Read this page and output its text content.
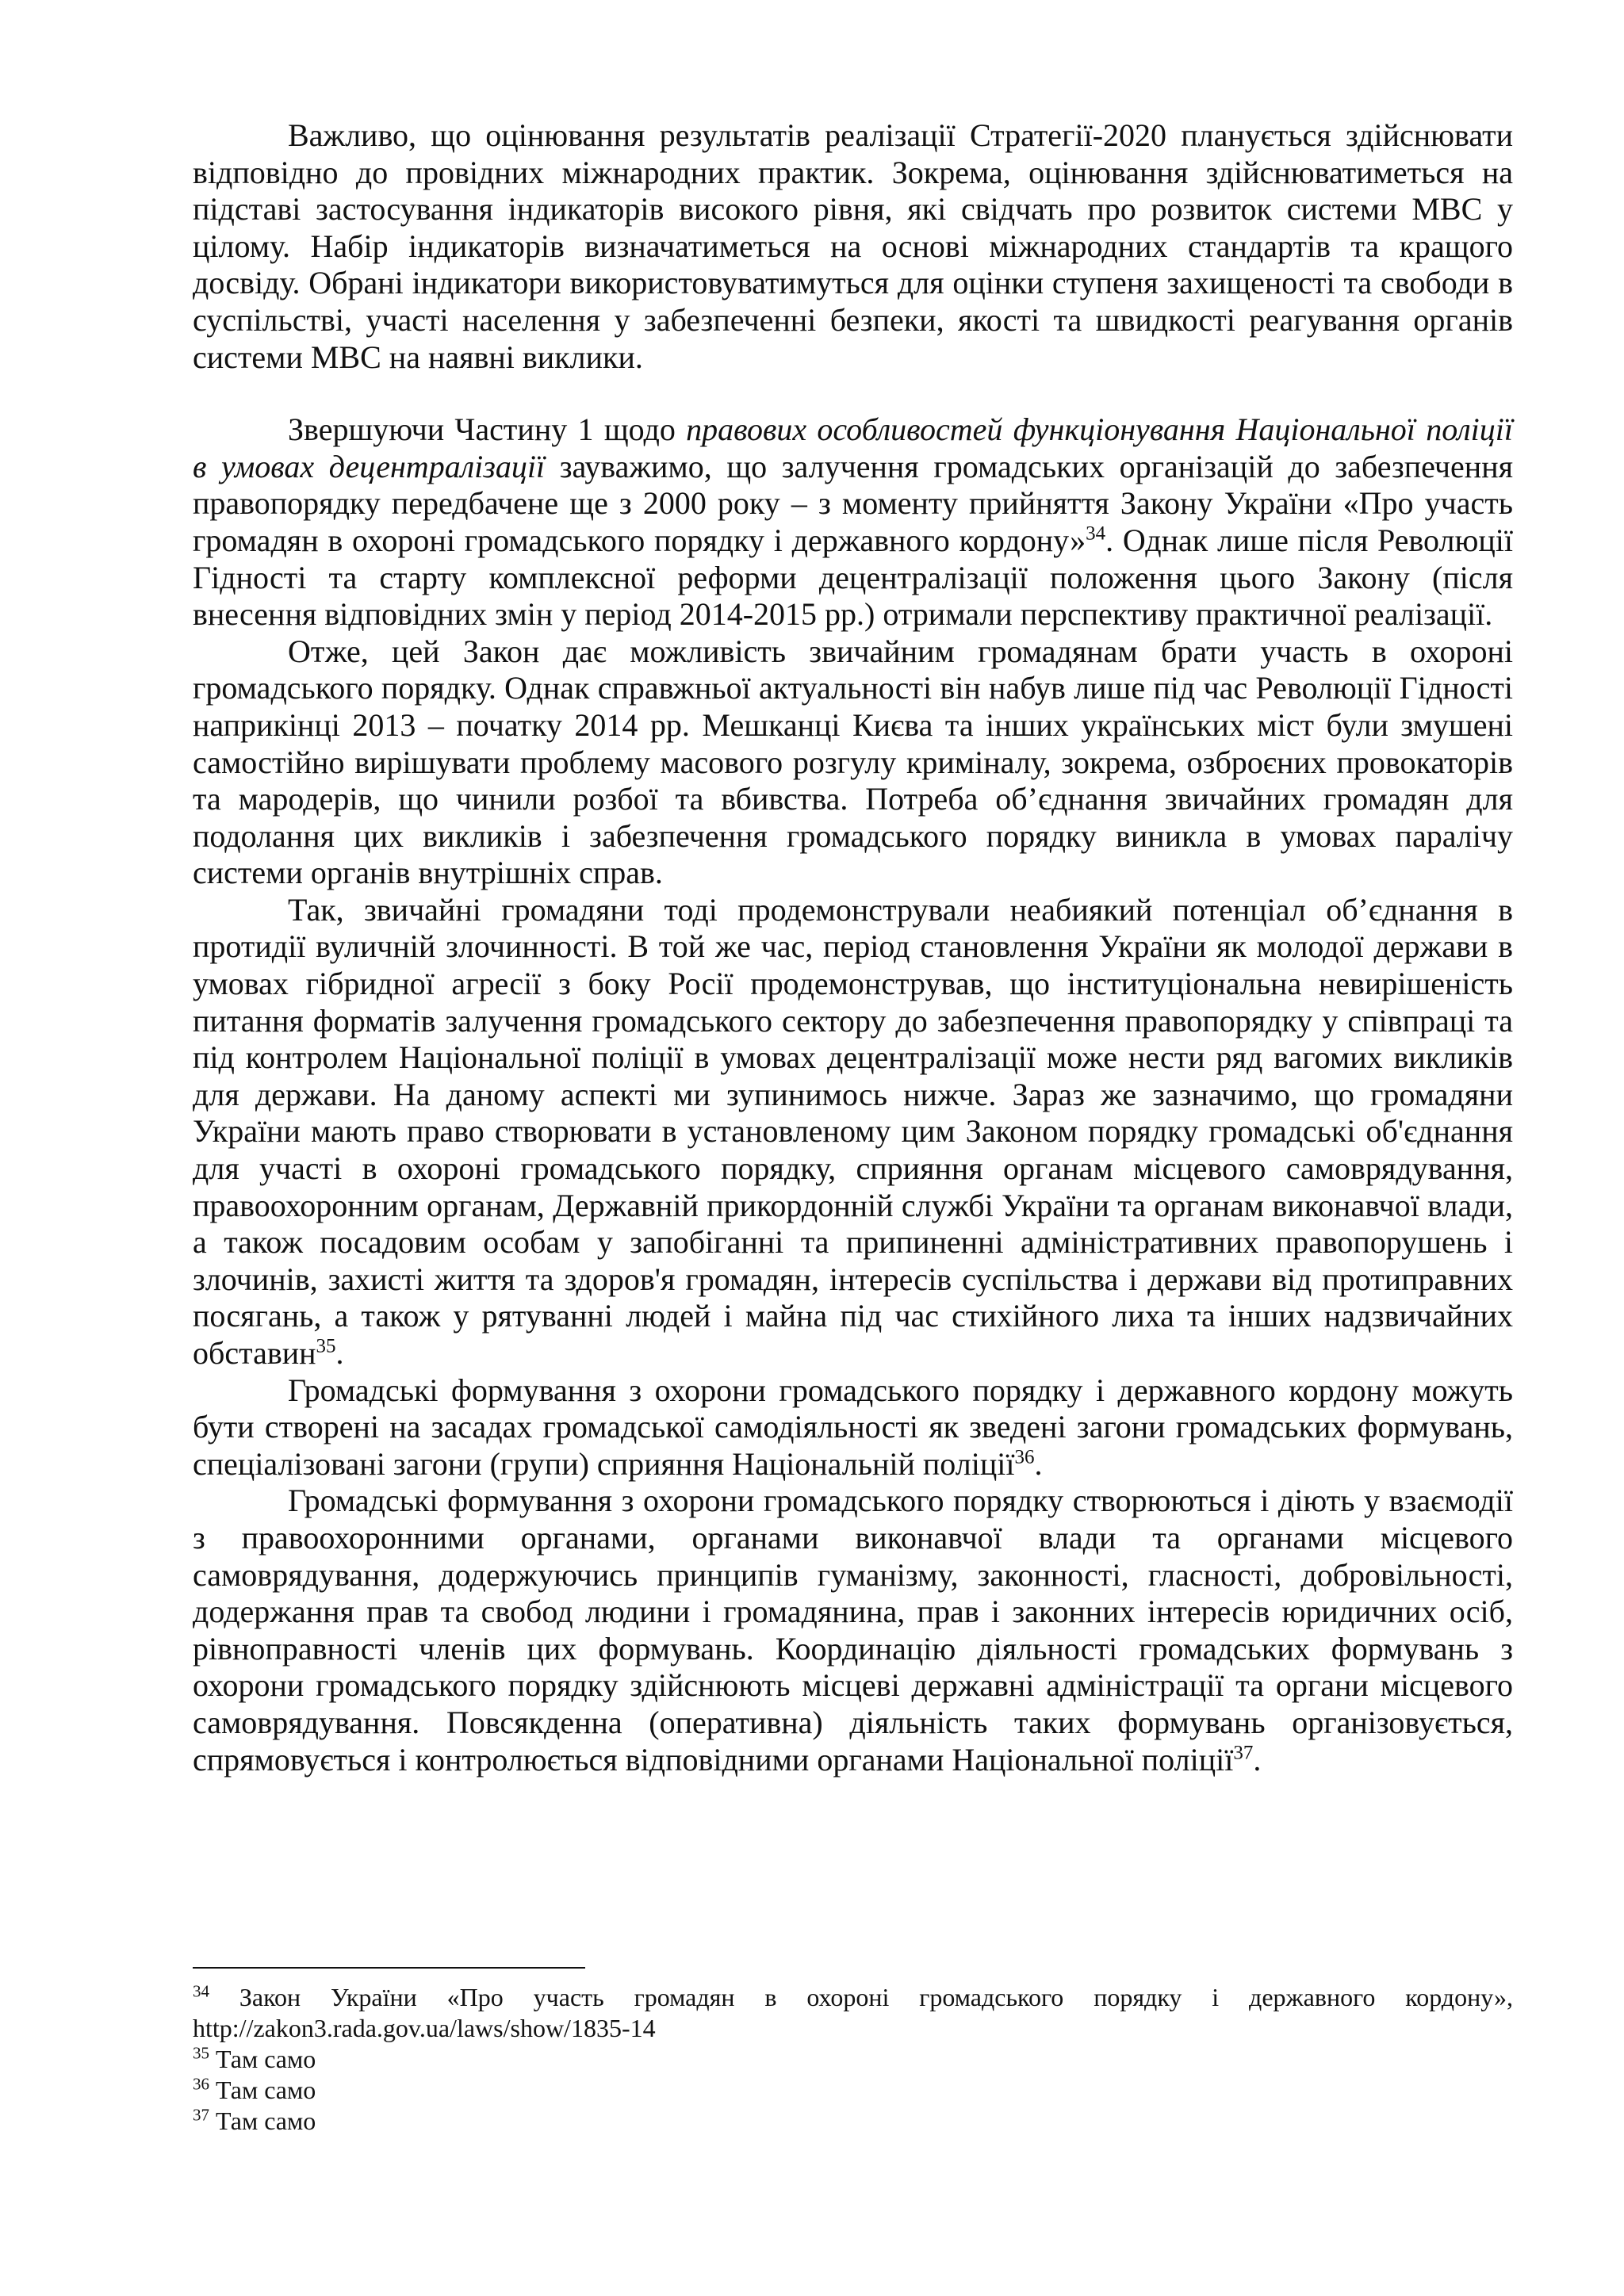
Важливо, що оцінювання результатів реалізації Стратегії-2020 планується здійснювати відповідно до провідних міжнародних практик. Зокрема, оцінювання здійснюватиметься на підставі застосування індикаторів високого рівня, які свідчать про розвиток системи МВС у цілому. Набір індикаторів визначатиметься на основі міжнародних стандартів та кращого досвіду. Обрані індикатори використовуватимуться для оцінки ступеня захищеності та свободи в суспільстві, участі населення у забезпеченні безпеки, якості та швидкості реагування органів системи МВС на наявні виклики.

Звершуючи Частину 1 щодо правових особливостей функціонування Національної поліції в умовах децентралізації зауважимо, що залучення громадських організацій до забезпечення правопорядку передбачене ще з 2000 року – з моменту прийняття Закону України «Про участь громадян в охороні громадського порядку і державного кордону»$^{34}$. Однак лише після Революції Гідності та старту комплексної реформи децентралізації положення цього Закону (після внесення відповідних змін у період 2014-2015 рр.) отримали перспективу практичної реалізації.

Отже, цей Закон дає можливість звичайним громадянам брати участь в охороні громадського порядку. Однак справжньої актуальності він набув лише під час Революції Гідності наприкінці 2013 – початку 2014 рр. Мешканці Києва та інших українських міст були змушені самостійно вирішувати проблему масового розгулу криміналу, зокрема, озброєних провокаторів та мародерів, що чинили розбої та вбивства. Потреба об’єднання звичайних громадян для подолання цих викликів і забезпечення громадського порядку виникла в умовах паралічу системи органів внутрішніх справ.

Так, звичайні громадяни тоді продемонстрували неабиякий потенціал об’єднання в протидії вуличній злочинності. В той же час, період становлення України як молодої держави в умовах гібридної агресії з боку Росії продемонстрував, що інституціональна невирішеність питання форматів залучення громадського сектору до забезпечення правопорядку у співпраці та під контролем Національної поліції в умовах децентралізації може нести ряд вагомих викликів для держави. На даному аспекті ми зупинимось нижче. Зараз же зазначимо, що громадяни України мають право створювати в установленому цим Законом порядку громадські об'єднання для участі в охороні громадського порядку, сприяння органам місцевого самоврядування, правоохоронним органам, Державній прикордонній службі України та органам виконавчої влади, а також посадовим особам у запобіганні та припиненні адміністративних правопорушень і злочинів, захисті життя та здоров'я громадян, інтересів суспільства і держави від протиправних посягань, а також у рятуванні людей і майна під час стихійного лиха та інших надзвичайних обставин$^{35}$.

Громадські формування з охорони громадського порядку і державного кордону можуть бути створені на засадах громадської самодіяльності як зведені загони громадських формувань, спеціалізовані загони (групи) сприяння Національній поліції$^{36}$.

Громадські формування з охорони громадського порядку створюються і діють у взаємодії з правоохоронними органами, органами виконавчої влади та органами місцевого самоврядування, додержуючись принципів гуманізму, законності, гласності, добровільності, додержання прав та свобод людини і громадянина, прав і законних інтересів юридичних осіб, рівноправності членів цих формувань. Координацію діяльності громадських формувань з охорони громадського порядку здійснюють місцеві державні адміністрації та органи місцевого самоврядування. Повсякденна (оперативна) діяльність таких формувань організовується, спрямовується і контролюється відповідними органами Національної поліції$^{37}$.

$^{34}$ Закон України «Про участь громадян в охороні громадського порядку і державного кордону», http://zakon3.rada.gov.ua/laws/show/1835-14

$^{35}$ Там само

$^{36}$ Там само

$^{37}$ Там само
